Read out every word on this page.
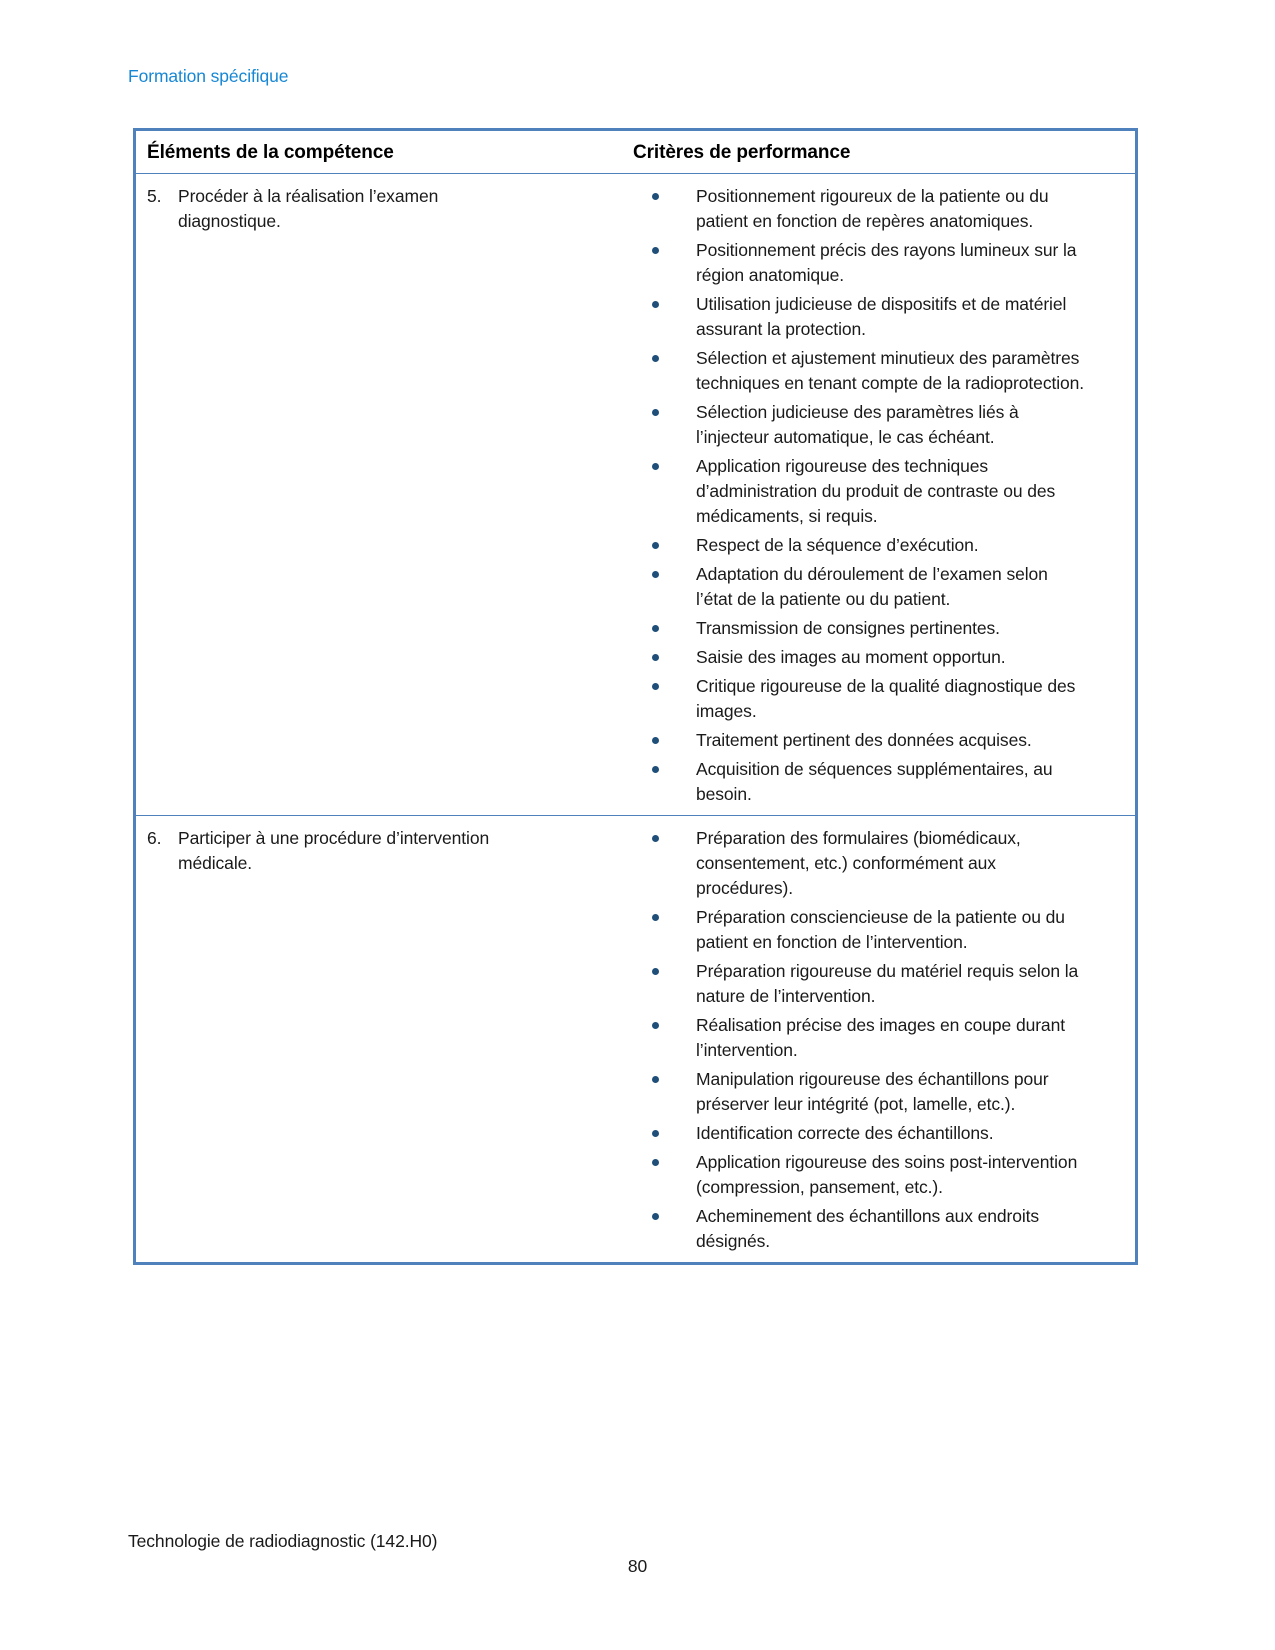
Formation spécifique
Éléments de la compétence	Critères de performance
5. Procéder à la réalisation l’examen diagnostique.
Positionnement rigoureux de la patiente ou du patient en fonction de repères anatomiques.
Positionnement précis des rayons lumineux sur la région anatomique.
Utilisation judicieuse de dispositifs et de matériel assurant la protection.
Sélection et ajustement minutieux des paramètres techniques en tenant compte de la radioprotection.
Sélection judicieuse des paramètres liés à l’injecteur automatique, le cas échéant.
Application rigoureuse des techniques d’administration du produit de contraste ou des médicaments, si requis.
Respect de la séquence d’exécution.
Adaptation du déroulement de l’examen selon l’état de la patiente ou du patient.
Transmission de consignes pertinentes.
Saisie des images au moment opportun.
Critique rigoureuse de la qualité diagnostique des images.
Traitement pertinent des données acquises.
Acquisition de séquences supplémentaires, au besoin.
6. Participer à une procédure d’intervention médicale.
Préparation des formulaires (biomédicaux, consentement, etc.) conformément aux procédures).
Préparation consciencieuse de la patiente ou du patient en fonction de l’intervention.
Préparation rigoureuse du matériel requis selon la nature de l’intervention.
Réalisation précise des images en coupe durant l’intervention.
Manipulation rigoureuse des échantillons pour préserver leur intégrité (pot, lamelle, etc.).
Identification correcte des échantillons.
Application rigoureuse des soins post-intervention (compression, pansement, etc.).
Acheminement des échantillons aux endroits désignés.
Technologie de radiodiagnostic (142.H0)
80
